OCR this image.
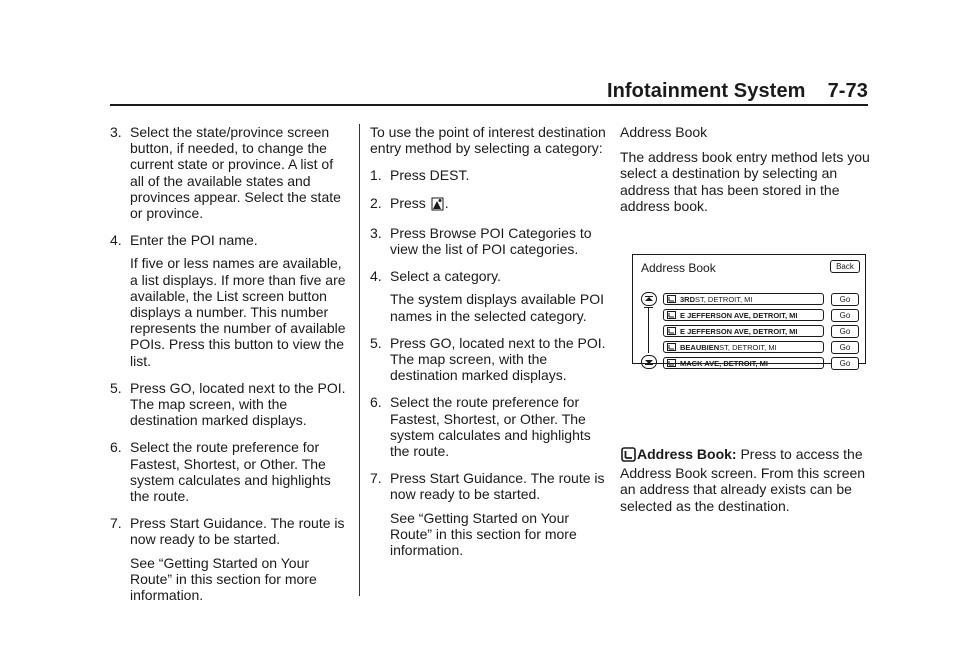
Infotainment System 7-73
3. Select the state/province screen button, if needed, to change the current state or province. A list of all of the available states and provinces appear. Select the state or province.
4. Enter the POI name.
If five or less names are available, a list displays. If more than five are available, the List screen button displays a number. This number represents the number of available POIs. Press this button to view the list.
5. Press GO, located next to the POI. The map screen, with the destination marked displays.
6. Select the route preference for Fastest, Shortest, or Other. The system calculates and highlights the route.
7. Press Start Guidance. The route is now ready to be started.
See “Getting Started on Your Route” in this section for more information.

To use the point of interest destination entry method by selecting a category:

1. Press DEST.
2. Press .
3. Press Browse POI Categories to view the list of POI categories.
4. Select a category.
The system displays available POI names in the selected category.
5. Press GO, located next to the POI. The map screen, with the destination marked displays.
6. Select the route preference for Fastest, Shortest, or Other. The system calculates and highlights the route.
7. Press Start Guidance. The route is now ready to be started.
See “Getting Started on Your Route” in this section for more information.
Address Book

The address book entry method lets you select a destination by selecting an address that has been stored in the address book.

Address Book	Back
3RD ST, DETROIT, MI	Go
E JEFFERSON AVE, DETROIT, MI	Go
E JEFFERSON AVE, DETROIT, MI	Go
BEAUBIEN ST, DETROIT, MI	Go
MACK AVE, DETROIT, MI	Go
Address Book: Press to access the Address Book screen. From this screen an address that already exists can be selected as the destination.
